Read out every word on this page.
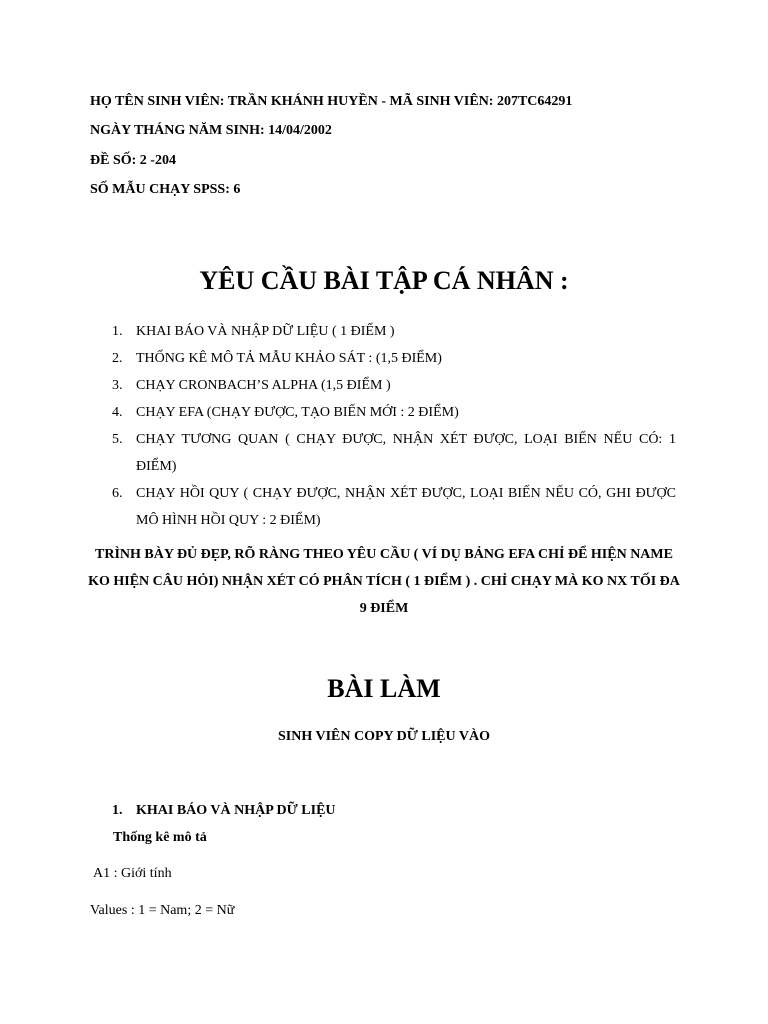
HỌ TÊN SINH VIÊN: TRẦN KHÁNH HUYỀN - MÃ SINH VIÊN: 207TC64291

NGÀY THÁNG NĂM SINH: 14/04/2002

ĐỀ SỐ: 2 -204

SỐ MẪU CHẠY SPSS: 6

YÊU CẦU BÀI TẬP CÁ NHÂN :
1. KHAI BÁO VÀ NHẬP DỮ LIỆU ( 1 ĐIỂM )
2. THỐNG KÊ MÔ TẢ MẪU KHẢO SÁT : (1,5 ĐIỂM)
3. CHẠY CRONBACH’S ALPHA (1,5 ĐIỂM )
4. CHẠY EFA (CHẠY ĐƯỢC, TẠO BIẾN MỚI : 2 ĐIỂM)
5. CHẠY TƯƠNG QUAN ( CHẠY ĐƯỢC, NHẬN XÉT ĐƯỢC, LOẠI BIẾN NẾU CÓ: 1 ĐIỂM)
6. CHẠY HỒI QUY ( CHẠY ĐƯỢC, NHẬN XÉT ĐƯỢC, LOẠI BIẾN NẾU CÓ, GHI ĐƯỢC MÔ HÌNH HỒI QUY : 2 ĐIỂM)

TRÌNH BÀY ĐỦ ĐẸP, RÕ RÀNG THEO YÊU CẦU ( VÍ DỤ BẢNG EFA CHỈ ĐỂ HIỆN NAME KO HIỆN CÂU HỎI) NHẬN XÉT CÓ PHÂN TÍCH ( 1 ĐIỂM ) . CHỈ CHẠY MÀ KO NX TỐI ĐA 9 ĐIỂM

BÀI LÀM

SINH VIÊN COPY DỮ LIỆU VÀO

1. KHAI BÁO VÀ NHẬP DỮ LIỆU

Thống kê mô tả

A1 : Giới tính

Values : 1 = Nam; 2 = Nữ
